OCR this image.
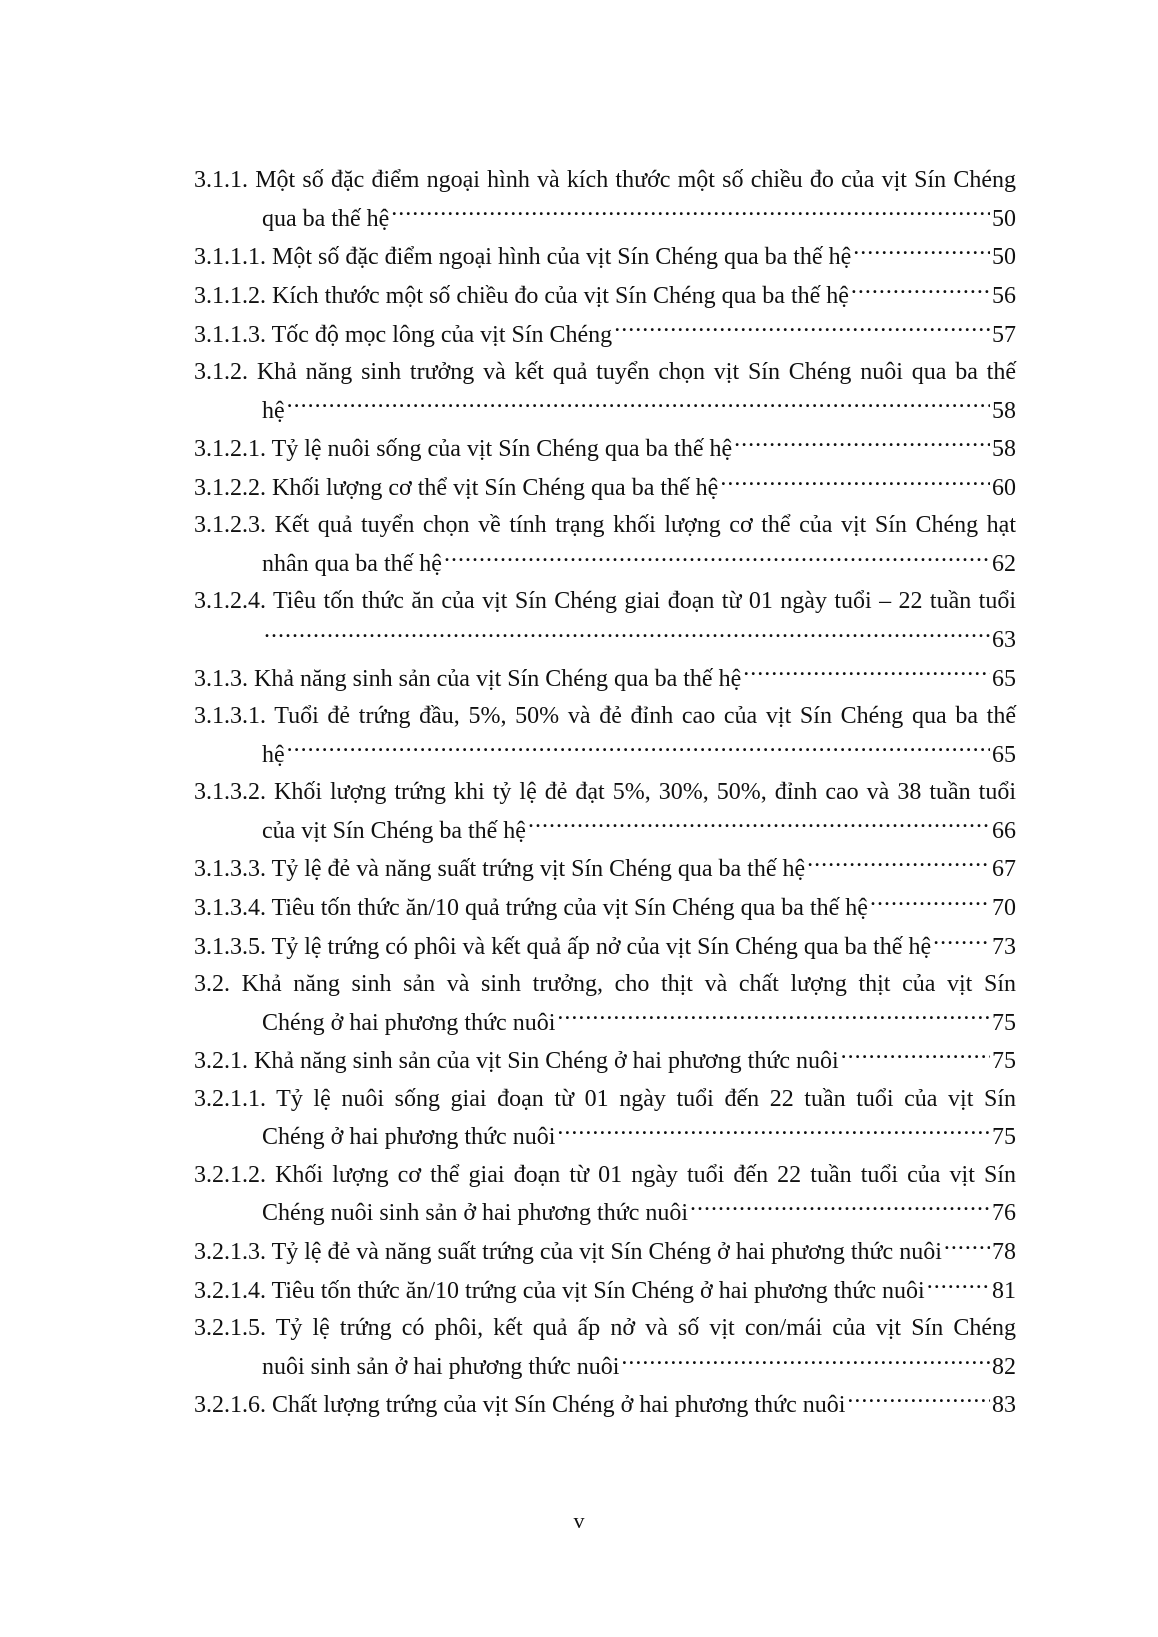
3.1.1. Một số đặc điểm ngoại hình và kích thước một số chiều đo của vịt Sín Chéng
qua ba thế hệ .....	50
3.1.1.1. Một số đặc điểm ngoại hình của vịt Sín Chéng qua ba thế hệ .....	50
3.1.1.2. Kích thước một số chiều đo của vịt Sín Chéng qua ba thế hệ .....	56
3.1.1.3. Tốc độ mọc lông của vịt Sín Chéng .....	57
3.1.2. Khả năng sinh trưởng và kết quả tuyển chọn vịt Sín Chéng nuôi qua ba thế
hệ .....	58
3.1.2.1. Tỷ lệ nuôi sống của vịt Sín Chéng qua ba thế hệ .....	58
3.1.2.2. Khối lượng cơ thể vịt Sín Chéng qua ba thế hệ .....	60
3.1.2.3. Kết quả tuyển chọn về tính trạng khối lượng cơ thể của vịt Sín Chéng hạt
nhân qua ba thế hệ .....	62
3.1.2.4. Tiêu tốn thức ăn của vịt Sín Chéng giai đoạn từ 01 ngày tuổi – 22 tuần tuổi
.....
63
3.1.3. Khả năng sinh sản của vịt Sín Chéng qua ba thế hệ .....	65
3.1.3.1. Tuổi đẻ trứng đầu, 5%, 50% và đẻ đỉnh cao của vịt Sín Chéng qua ba thế
hệ .....	65
3.1.3.2. Khối lượng trứng khi tỷ lệ đẻ đạt 5%, 30%, 50%, đỉnh cao và 38 tuần tuổi
của vịt Sín Chéng ba thế hệ .....	66
3.1.3.3. Tỷ lệ đẻ và năng suất trứng vịt Sín Chéng qua ba thế hệ .....	67
3.1.3.4. Tiêu tốn thức ăn/10 quả trứng của vịt Sín Chéng qua ba thế hệ .....	70
3.1.3.5. Tỷ lệ trứng có phôi và kết quả ấp nở của vịt Sín Chéng qua ba thế hệ .....	73
3.2. Khả năng sinh sản và sinh trưởng, cho thịt và chất lượng thịt của vịt Sín
Chéng ở hai phương thức nuôi .....	75
3.2.1. Khả năng sinh sản của vịt Sin Chéng ở hai phương thức nuôi .....	75
3.2.1.1. Tỷ lệ nuôi sống giai đoạn từ 01 ngày tuổi đến 22 tuần tuổi của vịt Sín
Chéng ở hai phương thức nuôi .....	75
3.2.1.2. Khối lượng cơ thể giai đoạn từ 01 ngày tuổi đến 22 tuần tuổi của vịt Sín
Chéng nuôi sinh sản ở hai phương thức nuôi .....	76
3.2.1.3. Tỷ lệ đẻ và năng suất trứng của vịt Sín Chéng ở hai phương thức nuôi ..... 78
3.2.1.4. Tiêu tốn thức ăn/10 trứng của vịt Sín Chéng ở hai phương thức nuôi .....	81
3.2.1.5. Tỷ lệ trứng có phôi, kết quả ấp nở và số vịt con/mái của vịt Sín Chéng
nuôi sinh sản ở hai phương thức nuôi .....	82
3.2.1.6. Chất lượng trứng của vịt Sín Chéng ở hai phương thức nuôi .....	83
v
